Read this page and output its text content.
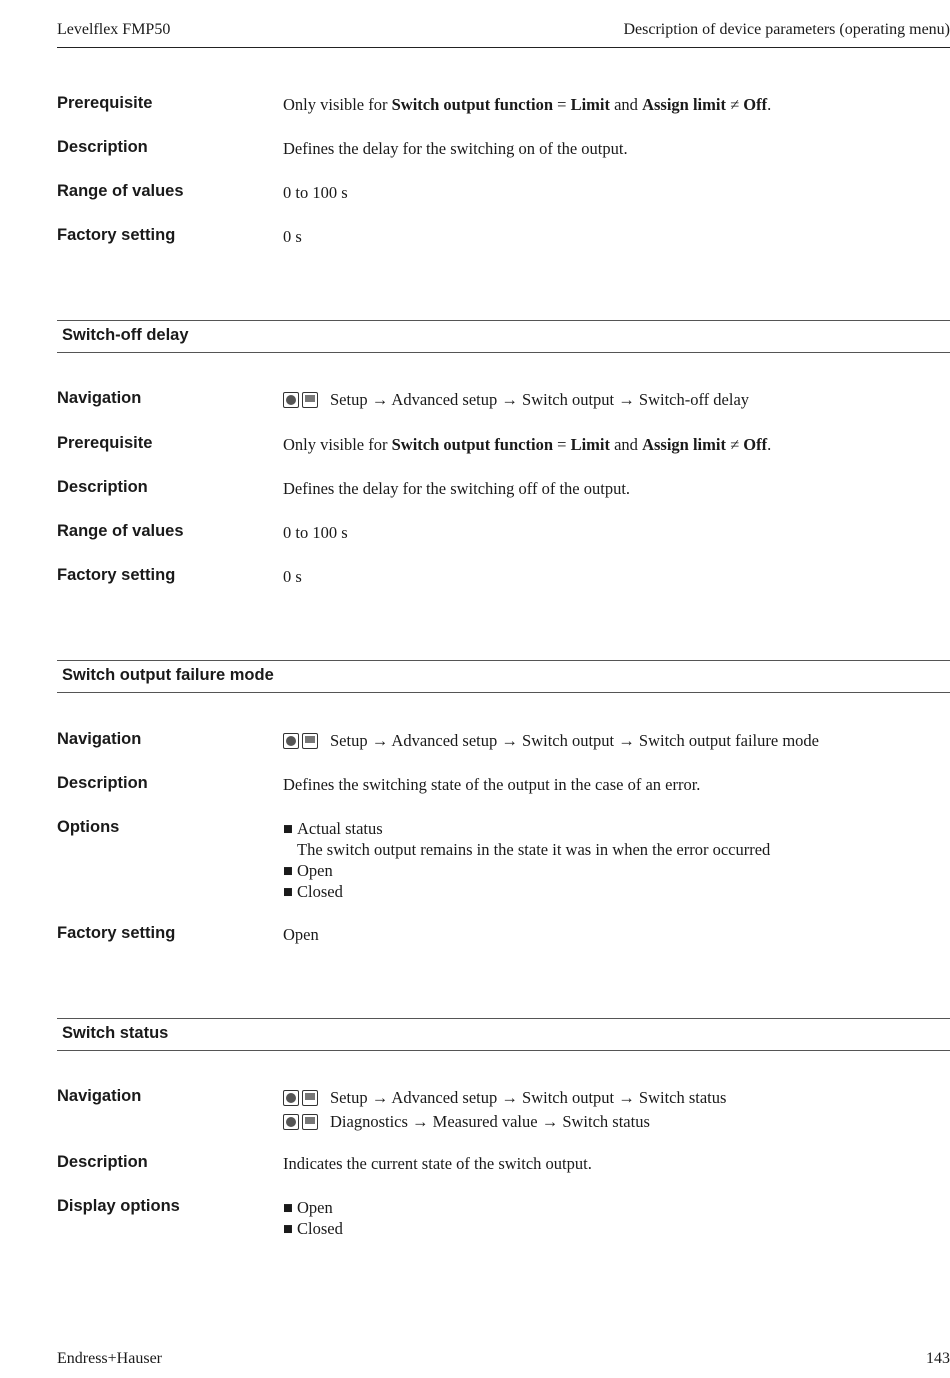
Levelflex FMP50	Description of device parameters (operating menu)
Prerequisite	Only visible for Switch output function = Limit and Assign limit ≠ Off.
Description	Defines the delay for the switching on of the output.
Range of values	0 to 100 s
Factory setting	0 s
Switch-off delay
Navigation	Setup → Advanced setup → Switch output → Switch-off delay
Prerequisite	Only visible for Switch output function = Limit and Assign limit ≠ Off.
Description	Defines the delay for the switching off of the output.
Range of values	0 to 100 s
Factory setting	0 s
Switch output failure mode
Navigation	Setup → Advanced setup → Switch output → Switch output failure mode
Description	Defines the switching state of the output in the case of an error.
Options	■ Actual status
The switch output remains in the state it was in when the error occurred
■ Open
■ Closed
Factory setting	Open
Switch status
Navigation	Setup → Advanced setup → Switch output → Switch status
Diagnostics → Measured value → Switch status
Description	Indicates the current state of the switch output.
Display options	■ Open
■ Closed
Endress+Hauser	143
